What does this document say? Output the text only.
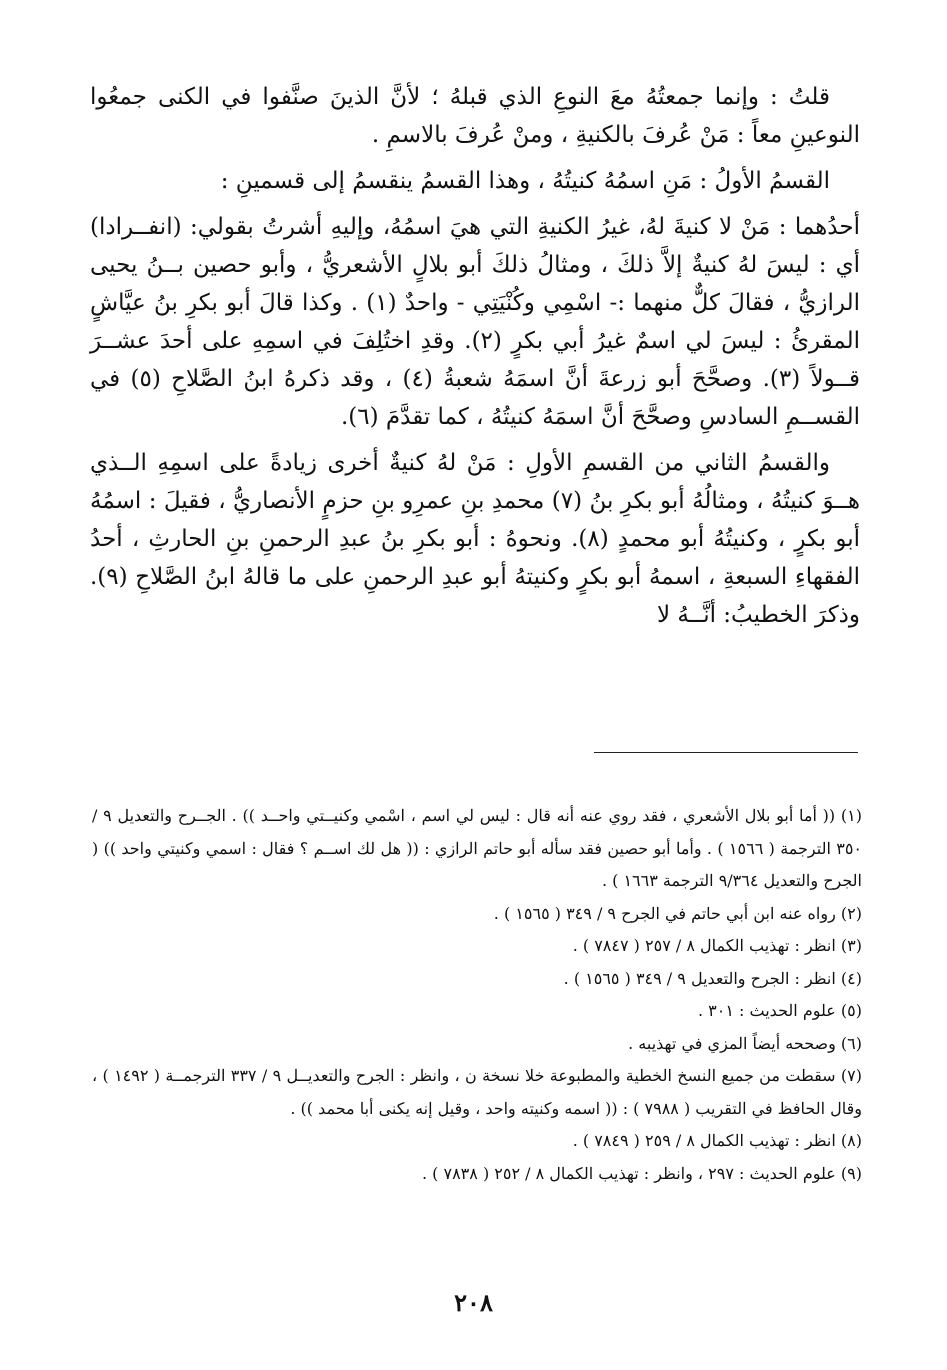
قلتُ : وإنما جمعتُهُ معَ النوعِ الذي قبلهُ ؛ لأنَّ الذينَ صنَّفوا في الكنى جمعُوا النوعينِ معاً : مَنْ عُرفَ بالكنيةِ ، ومنْ عُرفَ بالاسمِ .

القسمُ الأولُ : مَنِ اسمُهُ كنيتُهُ ، وهذا القسمُ ينقسمُ إلى قسمينِ :

أحدُهما : مَنْ لا كنيةَ لهُ، غيرُ الكنيةِ التي هيَ اسمُهُ، وإليهِ أشرتُ بقولي: (انفــرادا) أي : ليسَ لهُ كنيةٌ إلاَّ ذلكَ ، ومثالُ ذلكَ أبو بلالٍ الأشعريُّ ، وأبو حصين بــنُ يحيى الرازيُّ ، فقالَ كلٌّ منهما :- اسْمِي وكُنْيَتِي - واحدٌ (١) . وكذا قالَ أبو بكرِ بنُ عيَّاشٍ المقرئُ : ليسَ لي اسمٌ غيرُ أبي بكرٍ (٢). وقدِ اختُلِفَ في اسمِهِ على أحدَ عشــرَ قــولاً (٣). وصحَّحَ أبو زرعةَ أنَّ اسمَهُ شعبةُ (٤) ، وقد ذكرهُ ابنُ الصَّلاحِ (٥) في القســمِ السادسِ وصحَّحَ أنَّ اسمَهُ كنيتُهُ ، كما تقدَّمَ (٦).

والقسمُ الثاني من القسمِ الأولِ : مَنْ لهُ كنيةٌ أخرى زيادةً على اسمِهِ الــذي هــوَ كنيتُهُ ، ومثالُهُ أبو بكرِ بنُ (٧) محمدِ بنِ عمرِو بنِ حزمٍ الأنصاريُّ ، فقيلَ : اسمُهُ أبو بكرٍ ، وكنيتُهُ أبو محمدٍ (٨). ونحوهُ : أبو بكرِ بنُ عبدِ الرحمنِ بنِ الحارثِ ، أحدُ الفقهاءِ السبعةِ ، اسمهُ أبو بكرٍ وكنيتهُ أبو عبدِ الرحمنِ على ما قالهُ ابنُ الصَّلاحِ (٩). وذكرَ الخطيبُ: أنَّــهُ لا

(١) (( أما أبو بلال الأشعري ، فقد روي عنه أنه قال : ليس لي اسم ، اسْمي وكنيــتي واحــد )) . الجــرح والتعديل ٩ / ٣٥٠ الترجمة ( ١٥٦٦ ) . وأما أبو حصين فقد سأله أبو حاتم الرازي : (( هل لك اســم ؟ فقال : اسمي وكنيتي واحد )) ( الجرح والتعديل ٩/٣٦٤ الترجمة ١٦٦٣ ) .

(٢) رواه عنه ابن أبي حاتم في الجرح ٩ / ٣٤٩ ( ١٥٦٥ ) .

(٣) انظر : تهذيب الكمال ٨ / ٢٥٧ ( ٧٨٤٧ ) .

(٤) انظر : الجرح والتعديل ٩ / ٣٤٩ ( ١٥٦٥ ) .

(٥) علوم الحديث : ٣٠١ .

(٦) وصححه أيضاً المزي في تهذيبه .

(٧) سقطت من جميع النسخ الخطية والمطبوعة خلا نسخة ن ، وانظر : الجرح والتعديــل ٩ / ٣٣٧ الترجمــة ( ١٤٩٢ ) ، وقال الحافظ في التقريب ( ٧٩٨٨ ) : (( اسمه وكنيته واحد ، وقيل إنه يكنى أبا محمد )) .

(٨) انظر : تهذيب الكمال ٨ / ٢٥٩ ( ٧٨٤٩ ) .

(٩) علوم الحديث : ٢٩٧ ، وانظر : تهذيب الكمال ٨ / ٢٥٢ ( ٧٨٣٨ ) .

٢٠٨
